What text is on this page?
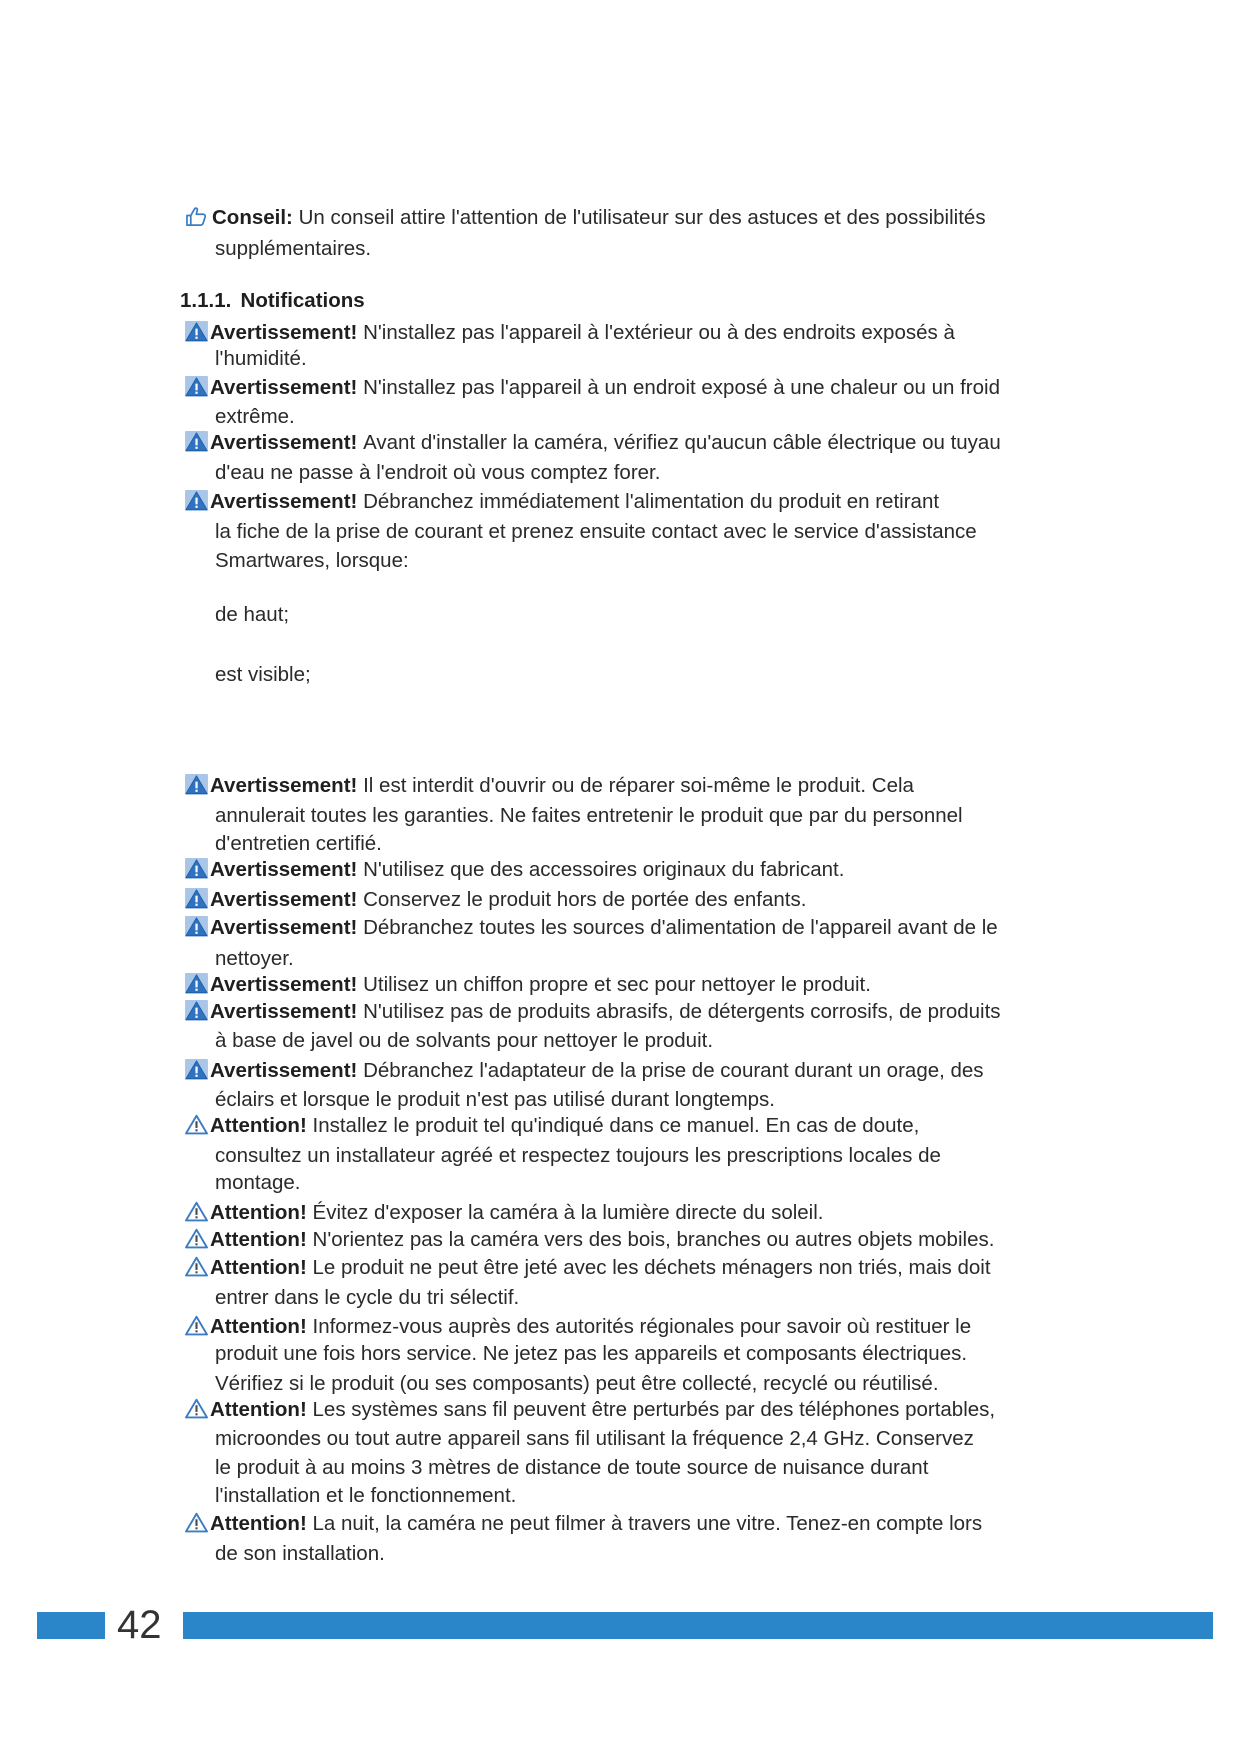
Conseil: Un conseil attire l'attention de l'utilisateur sur des astuces et des possibilités
supplémentaires.
1.1.1. Notifications
Avertissement! N'installez pas l'appareil à l'extérieur ou à des endroits exposés à
l'humidité.
Avertissement! N'installez pas l'appareil à un endroit exposé à une chaleur ou un froid
extrême.
Avertissement! Avant d'installer la caméra, vérifiez qu'aucun câble électrique ou tuyau
d'eau ne passe à l'endroit où vous comptez forer.
Avertissement! Débranchez immédiatement l'alimentation du produit en retirant
la fiche de la prise de courant et prenez ensuite contact avec le service d'assistance
Smartwares, lorsque:
de haut;
est visible;
Avertissement! Il est interdit d'ouvrir ou de réparer soi-même le produit. Cela
annulerait toutes les garanties. Ne faites entretenir le produit que par du personnel
d'entretien certifié.
Avertissement! N'utilisez que des accessoires originaux du fabricant.
Avertissement! Conservez le produit hors de portée des enfants.
Avertissement! Débranchez toutes les sources d'alimentation de l'appareil avant de le
nettoyer.
Avertissement! Utilisez un chiffon propre et sec pour nettoyer le produit.
Avertissement! N'utilisez pas de produits abrasifs, de détergents corrosifs, de produits
à base de javel ou de solvants pour nettoyer le produit.
Avertissement! Débranchez l'adaptateur de la prise de courant durant un orage, des
éclairs et lorsque le produit n'est pas utilisé durant longtemps.
Attention! Installez le produit tel qu'indiqué dans ce manuel. En cas de doute,
consultez un installateur agréé et respectez toujours les prescriptions locales de
montage.
Attention! Évitez d'exposer la caméra à la lumière directe du soleil.
Attention! N'orientez pas la caméra vers des bois, branches ou autres objets mobiles.
Attention! Le produit ne peut être jeté avec les déchets ménagers non triés, mais doit
entrer dans le cycle du tri sélectif.
Attention! Informez-vous auprès des autorités régionales pour savoir où restituer le
produit une fois hors service. Ne jetez pas les appareils et composants électriques.
Vérifiez si le produit (ou ses composants) peut être collecté, recyclé ou réutilisé.
Attention! Les systèmes sans fil peuvent être perturbés par des téléphones portables,
microondes ou tout autre appareil sans fil utilisant la fréquence 2,4 GHz. Conservez
le produit à au moins 3 mètres de distance de toute source de nuisance durant
l'installation et le fonctionnement.
Attention! La nuit, la caméra ne peut filmer à travers une vitre. Tenez-en compte lors
de son installation.
42
